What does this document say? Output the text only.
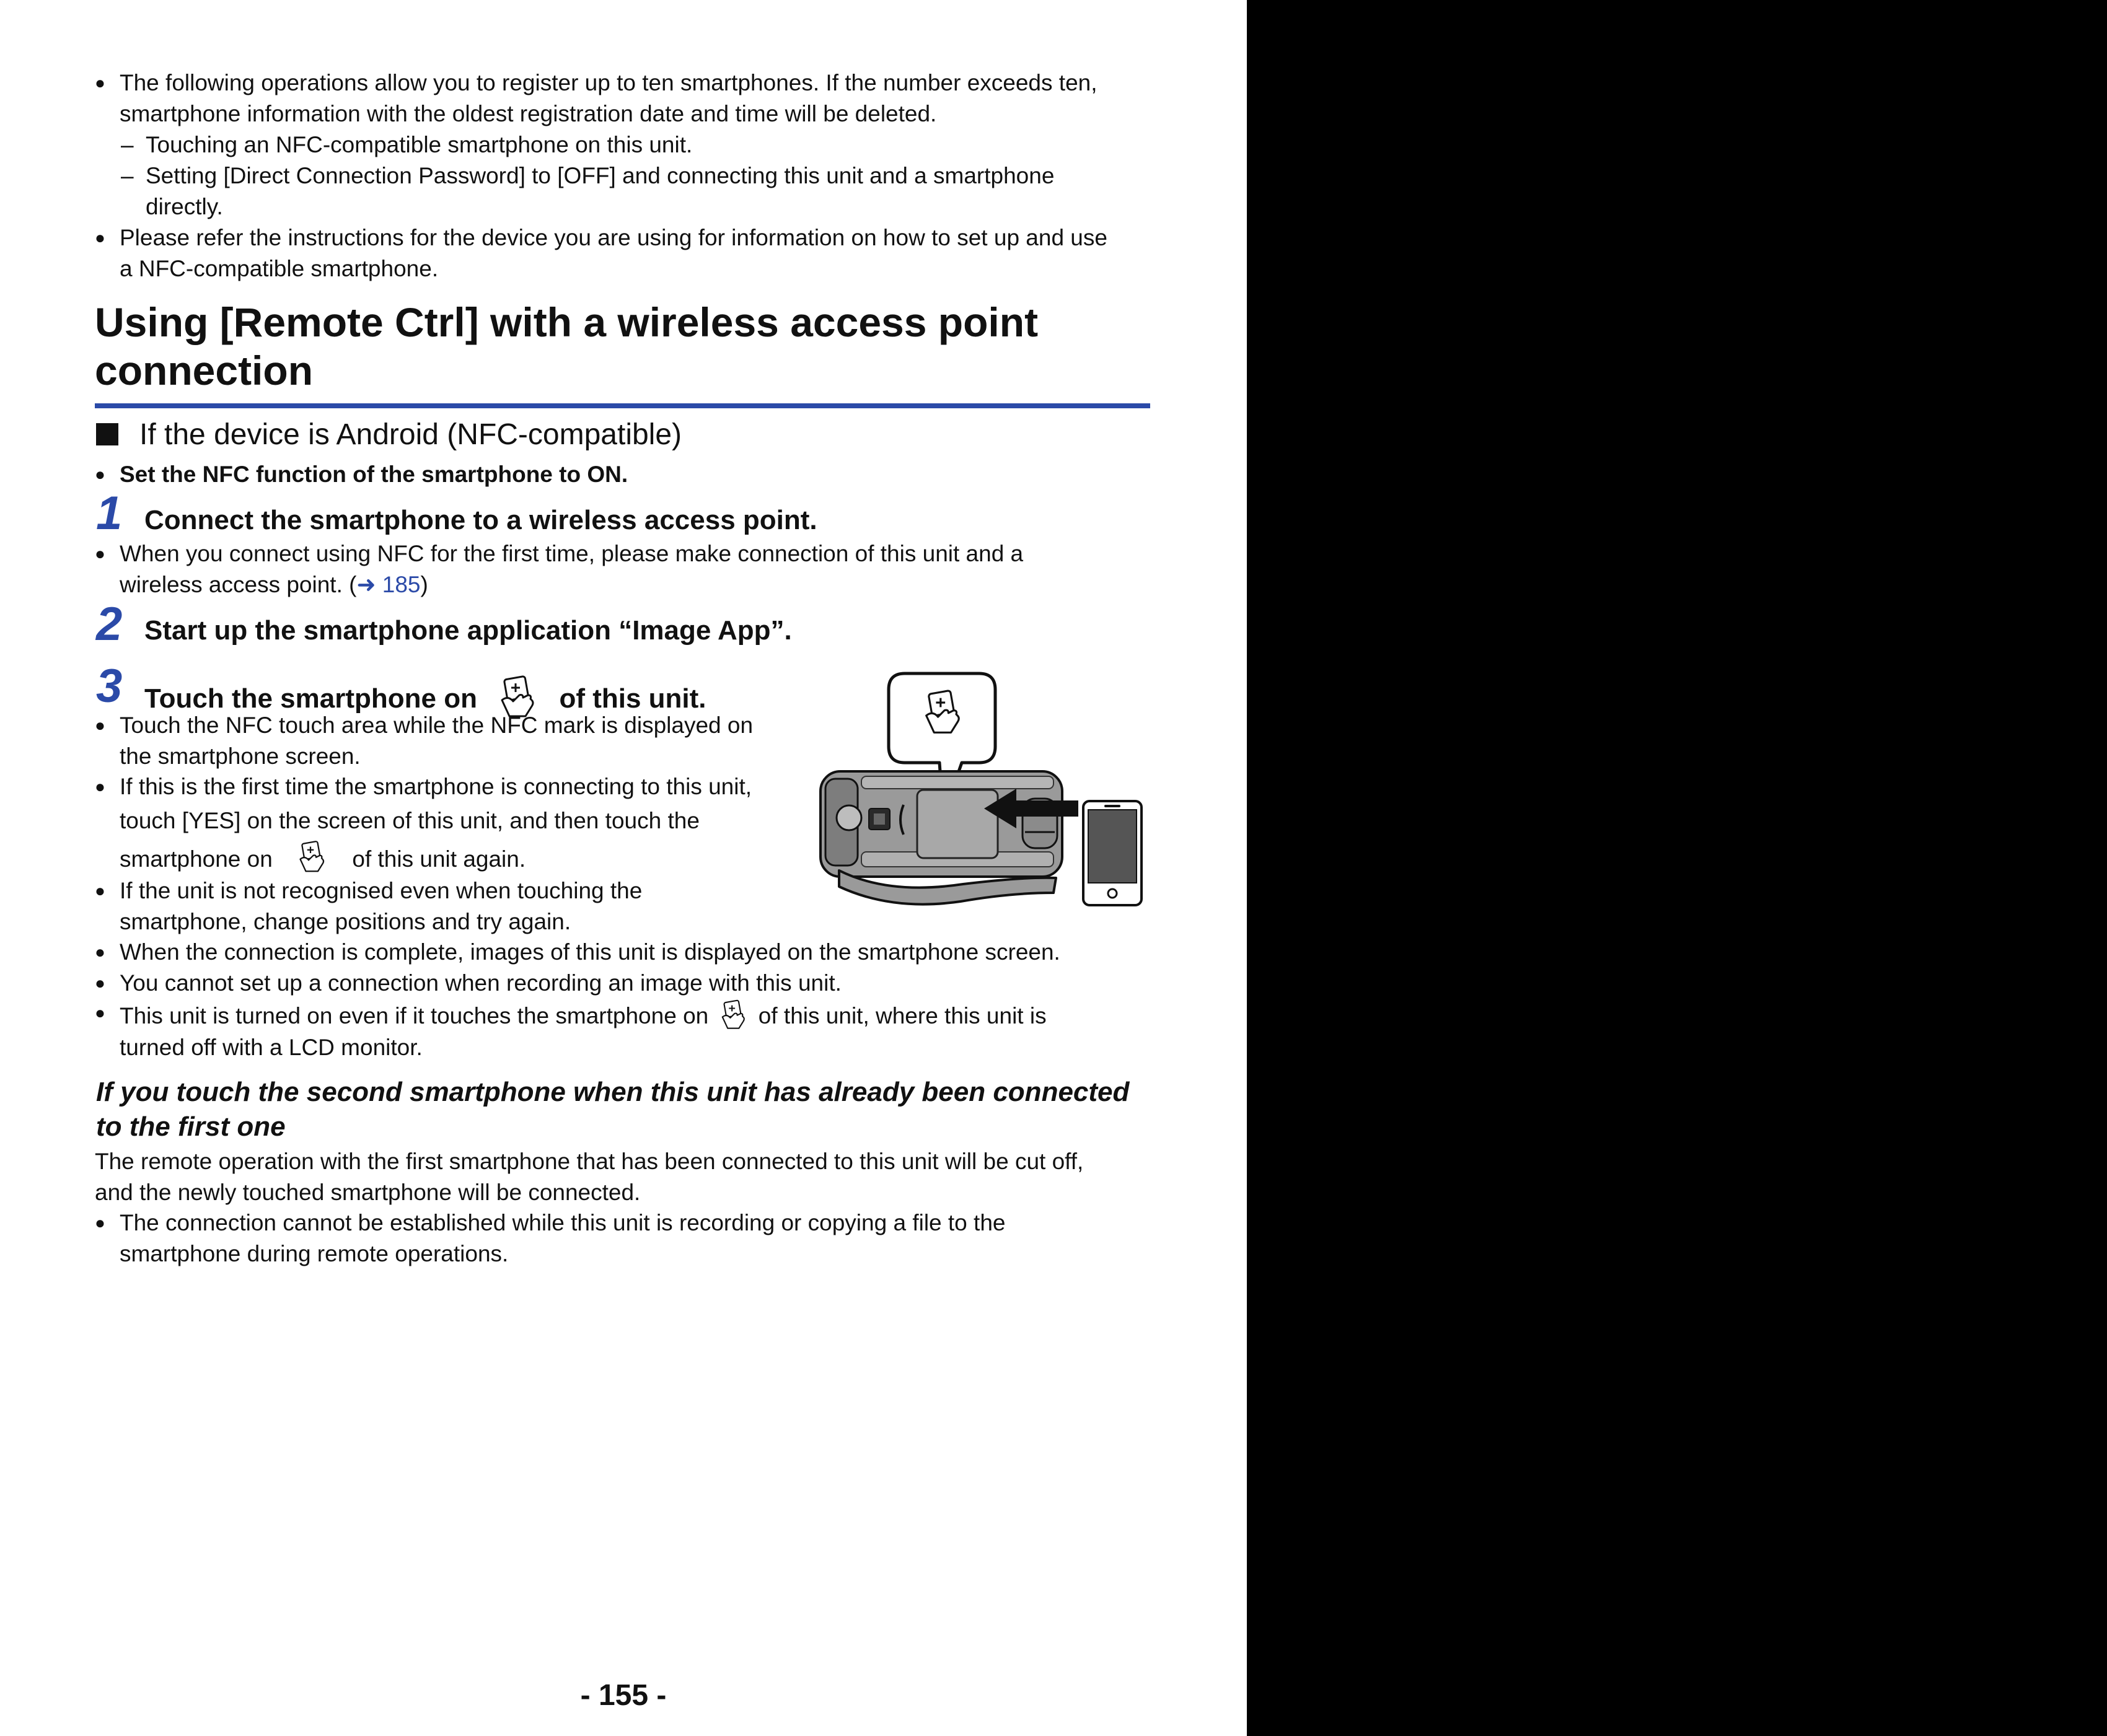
● The following operations allow you to register up to ten smartphones. If the number exceeds ten,
smartphone information with the oldest registration date and time will be deleted.
– Touching an NFC-compatible smartphone on this unit.
– Setting [Direct Connection Password] to [OFF] and connecting this unit and a smartphone
directly.
● Please refer the instructions for the device you are using for information on how to set up and use
a NFC-compatible smartphone.
Using [Remote Ctrl] with a wireless access point
connection
If the device is Android (NFC-compatible)
● Set the NFC function of the smartphone to ON.
1 Connect the smartphone to a wireless access point.
● When you connect using NFC for the first time, please make connection of this unit and a
wireless access point. (➜ 185)
2 Start up the smartphone application “Image App”.
3 Touch the smartphone on	of this unit.
● Touch the NFC touch area while the NFC mark is displayed on
the smartphone screen.
● If this is the first time the smartphone is connecting to this unit,
touch [YES] on the screen of this unit, and then touch the
smartphone on	of this unit again.
● If the unit is not recognised even when touching the
smartphone, change positions and try again.
● When the connection is complete, images of this unit is displayed on the smartphone screen.
● You cannot set up a connection when recording an image with this unit.
● This unit is turned on even if it touches the smartphone on of this unit, where this unit is
turned off with a LCD monitor.
If you touch the second smartphone when this unit has already been connected
to the first one
The remote operation with the first smartphone that has been connected to this unit will be cut off,
and the newly touched smartphone will be connected.
● The connection cannot be established while this unit is recording or copying a file to the
smartphone during remote operations.
- 155 -
